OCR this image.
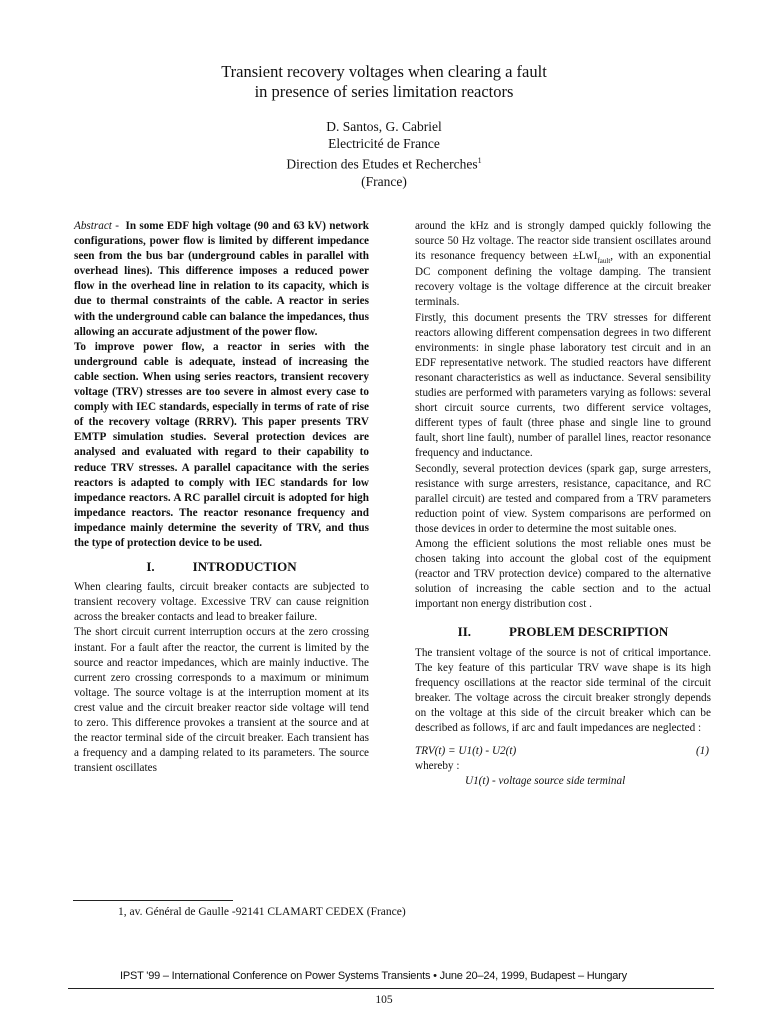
Transient recovery voltages when clearing a fault
in presence of series limitation reactors
D. Santos, G. Cabriel
Electricité de France
Direction des Etudes et Recherches$^1$
(France)

Abstract - In some EDF high voltage (90 and 63 kV) network configurations, power flow is limited by different impedance seen from the bus bar (underground cables in parallel with overhead lines). This difference imposes a reduced power flow in the overhead line in relation to its capacity, which is due to thermal constraints of the cable. A reactor in series with the underground cable can balance the impedances, thus allowing an accurate adjustment of the power flow.

To improve power flow, a reactor in series with the underground cable is adequate, instead of increasing the cable section. When using series reactors, transient recovery voltage (TRV) stresses are too severe in almost every case to comply with IEC standards, especially in terms of rate of rise of the recovery voltage (RRRV). This paper presents TRV EMTP simulation studies. Several protection devices are analysed and evaluated with regard to their capability to reduce TRV stresses. A parallel capacitance with the series reactors is adapted to comply with IEC standards for low impedance reactors. A RC parallel circuit is adopted for high impedance reactors. The reactor resonance frequency and impedance mainly determine the severity of TRV, and thus the type of protection device to be used.

I.	INTRODUCTION

When clearing faults, circuit breaker contacts are subjected to transient recovery voltage. Excessive TRV can cause reignition across the breaker contacts and lead to breaker failure.

The short circuit current interruption occurs at the zero crossing instant. For a fault after the reactor, the current is limited by the source and reactor impedances, which are mainly inductive. The current zero crossing corresponds to a maximum or minimum voltage. The source voltage is at the interruption moment at its crest value and the circuit breaker reactor side voltage will tend to zero. This difference provokes a transient at the source and at the reactor terminal side of the circuit breaker. Each transient has a frequency and a damping related to its parameters. The source transient oscillates

around the kHz and is strongly damped quickly following the source 50 Hz voltage. The reactor side transient oscillates around its resonance frequency between ±LwI$_{fault}$, with an exponential DC component defining the voltage damping. The transient recovery voltage is the voltage difference at the circuit breaker terminals.

Firstly, this document presents the TRV stresses for different reactors allowing different compensation degrees in two different environments: in single phase laboratory test circuit and in an EDF representative network. The studied reactors have different resonant characteristics as well as inductance. Several sensibility studies are performed with parameters varying as follows: several short circuit source currents, two different service voltages, different types of fault (three phase and single line to ground fault, short line fault), number of parallel lines, reactor resonance frequency and inductance.

Secondly, several protection devices (spark gap, surge arresters, resistance with surge arresters, resistance, capacitance, and RC parallel circuit) are tested and compared from a TRV parameters reduction point of view. System comparisons are performed on those devices in order to determine the most suitable ones.

Among the efficient solutions the most reliable ones must be chosen taking into account the global cost of the equipment (reactor and TRV protection device) compared to the alternative solution of increasing the cable section and to the actual important non energy distribution cost .

II.	PROBLEM DESCRIPTION

The transient voltage of the source is not of critical importance. The key feature of this particular TRV wave shape is its high frequency oscillations at the reactor side terminal of the circuit breaker. The voltage across the circuit breaker strongly depends on the voltage at this side of the circuit breaker which can be described as follows, if arc and fault impedances are neglected :

TRV(t) = U1(t) - U2(t)	(1)

whereby :

U1(t) - voltage source side terminal

1, av. Général de Gaulle -92141 CLAMART CEDEX (France)
IPST '99 – International Conference on Power Systems Transients • June 20–24, 1999, Budapest – Hungary
105
